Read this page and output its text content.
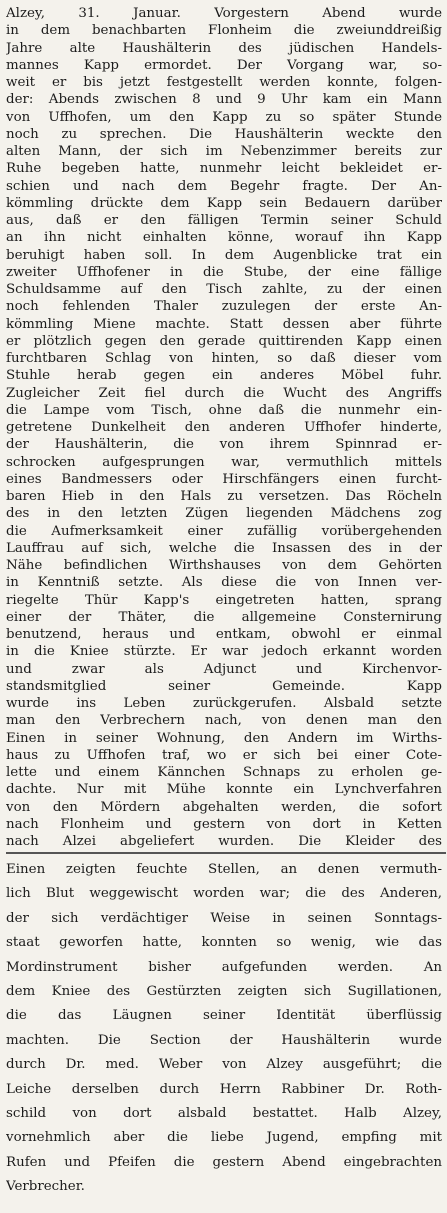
Alzey, 31. Januar. Vorgestern Abend wurde
in dem benachbarten Flonheim die zweiunddreißig
Jahre alte Haushälterin des jüdischen Handels-
mannes Kapp ermordet. Der Vorgang war, so-
weit er bis jetzt festgestellt werden konnte, folgen-
der: Abends zwischen 8 und 9 Uhr kam ein Mann
von Uffhofen, um den Kapp zu so später Stunde
noch zu sprechen. Die Haushälterin weckte den
alten Mann, der sich im Nebenzimmer bereits zur
Ruhe begeben hatte, nunmehr leicht bekleidet er-
schien und nach dem Begehr fragte. Der An-
kömmling drückte dem Kapp sein Bedauern darüber
aus, daß er den fälligen Termin seiner Schuld
an ihn nicht einhalten könne, worauf ihn Kapp
beruhigt haben soll. In dem Augenblicke trat ein
zweiter Uffhofener in die Stube, der eine fällige
Schuldsamme auf den Tisch zahlte, zu der einen
noch fehlenden Thaler zuzulegen der erste An-
kömmling Miene machte. Statt dessen aber führte
er plötzlich gegen den gerade quittirenden Kapp einen
furchtbaren Schlag von hinten, so daß dieser vom
Stuhle herab gegen ein anderes Möbel fuhr.
Zugleicher Zeit fiel durch die Wucht des Angriffs
die Lampe vom Tisch, ohne daß die nunmehr ein-
getretene Dunkelheit den anderen Uffhofer hinderte,
der Haushälterin, die von ihrem Spinnrad er-
schrocken aufgesprungen war, vermuthlich mittels
eines Bandmessers oder Hirschfängers einen furcht-
baren Hieb in den Hals zu versetzen. Das Röcheln
des in den letzten Zügen liegenden Mädchens zog
die Aufmerksamkeit einer zufällig vorübergehenden
Lauffrau auf sich, welche die Insassen des in der
Nähe befindlichen Wirthshauses von dem Gehörten
in Kenntniß setzte. Als diese die von Innen ver-
riegelte Thür Kapp's eingetreten hatten, sprang
einer der Thäter, die allgemeine Consternirung
benutzend, heraus und entkam, obwohl er einmal
in die Kniee stürzte. Er war jedoch erkannt worden
und zwar als Adjunct und Kirchenvor-
standsmitglied seiner Gemeinde. Kapp
wurde ins Leben zurückgerufen. Alsbald setzte
man den Verbrechern nach, von denen man den
Einen in seiner Wohnung, den Andern im Wirths-
haus zu Uffhofen traf, wo er sich bei einer Cote-
lette und einem Kännchen Schnaps zu erholen ge-
dachte. Nur mit Mühe konnte ein Lynchverfahren
von den Mördern abgehalten werden, die sofort
nach Flonheim und gestern von dort in Ketten
nach Alzei abgeliefert wurden. Die Kleider des
Einen zeigten feuchte Stellen, an denen vermuth-
lich Blut weggewischt worden war; die des Anderen,
der sich verdächtiger Weise in seinen Sonntags-
staat geworfen hatte, konnten so wenig, wie das
Mordinstrument bisher aufgefunden werden. An
dem Kniee des Gestürzten zeigten sich Sugillationen,
die das Läugnen seiner Identität überflüssig
machten. Die Section der Haushälterin wurde
durch Dr. med. Weber von Alzey ausgeführt; die
Leiche derselben durch Herrn Rabbiner Dr. Roth-
schild von dort alsbald bestattet. Halb Alzey,
vornehmlich aber die liebe Jugend, empfing mit
Rufen und Pfeifen die gestern Abend eingebrachten
Verbrecher.
